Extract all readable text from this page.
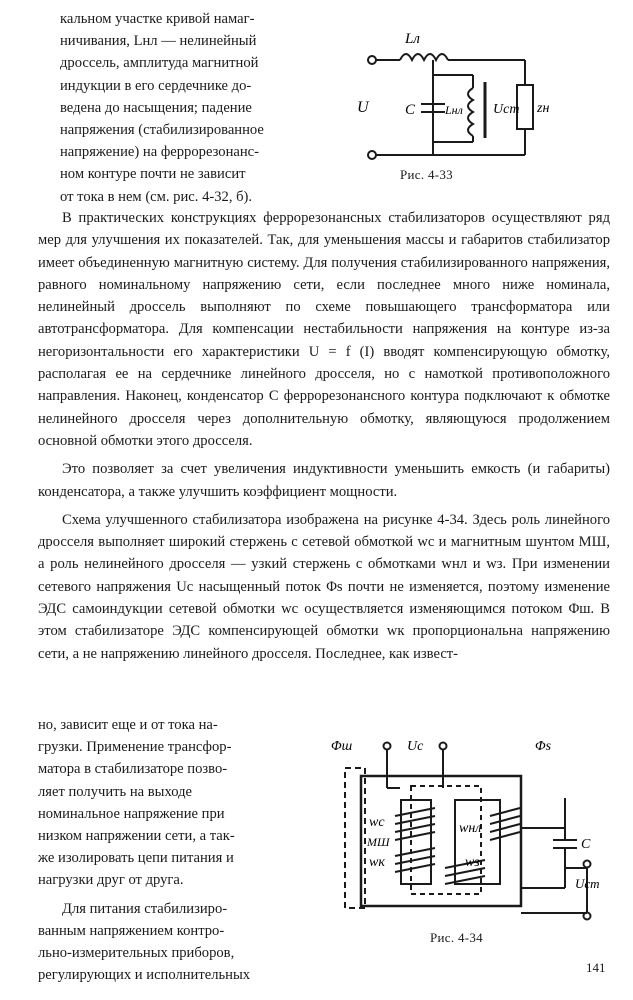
кальном участке кривой намаг-
ничивания, Lнл — нелинейный
дроссель, амплитуда магнитной
индукции в его сердечнике до-
ведена до насыщения; падение
напряжения (стабилизированное
напряжение) на феррорезонанс-
ном контуре почти не зависит
от тока в нем (см. рис. 4-32, б).
Lл
U C Lнл Uст zн
Рис. 4-33

В практических конструкциях феррорезонансных стабилизаторов осуществляют ряд мер для улучшения их показателей. Так, для уменьшения массы и габаритов стабилизатор имеет объединенную магнитную систему. Для получения стабилизированного напряжения, равного номинальному напряжению сети, если последнее много ниже номинала, нелинейный дроссель выполняют по схеме повышающего трансформатора или автотрансформатора. Для компенсации нестабильности напряжения на контуре из-за негоризонтальности его характеристики U = f (I) вводят компенсирующую обмотку, располагая ее на сердечнике линейного дросселя, но с намоткой противоположного направления. Наконец, конденсатор C феррорезонансного контура подключают к обмотке нелинейного дросселя через дополнительную обмотку, являющуюся продолжением основной обмотки этого дросселя.

Это позволяет за счет увеличения индуктивности уменьшить емкость (и габариты) конденсатора, а также улучшить коэффициент мощности.

Схема улучшенного стабилизатора изображена на рисунке 4-34. Здесь роль линейного дросселя выполняет широкий стержень с сетевой обмоткой wс и магнитным шунтом МШ, а роль нелинейного дросселя — узкий стержень с обмотками wнл и wз. При изменении сетевого напряжения Uс насыщенный поток Φs почти не изменяется, поэтому изменение ЭДС самоиндукции сетевой обмотки wс осуществляется изменяющимся потоком Φш. В этом стабилизаторе ЭДС компенсирующей обмотки wк пропорциональна напряжению сети, а не напряжению линейного дросселя. Последнее, как извест-

но, зависит еще и от тока на-
грузки. Применение трансфор-
матора в стабилизаторе позво-
ляет получить на выходе
номинальное напряжение при
низком напряжении сети, а так-
же изолировать цепи питания и
нагрузки друг от друга.
Для питания стабилизиро-
ванным напряжением контро-
льно-измерительных приборов,
регулирующих и исполнительных
Φш	Uс	Φs
wс
МШ
wк
wнл
wз
C
Uст
Рис. 4-34
141
